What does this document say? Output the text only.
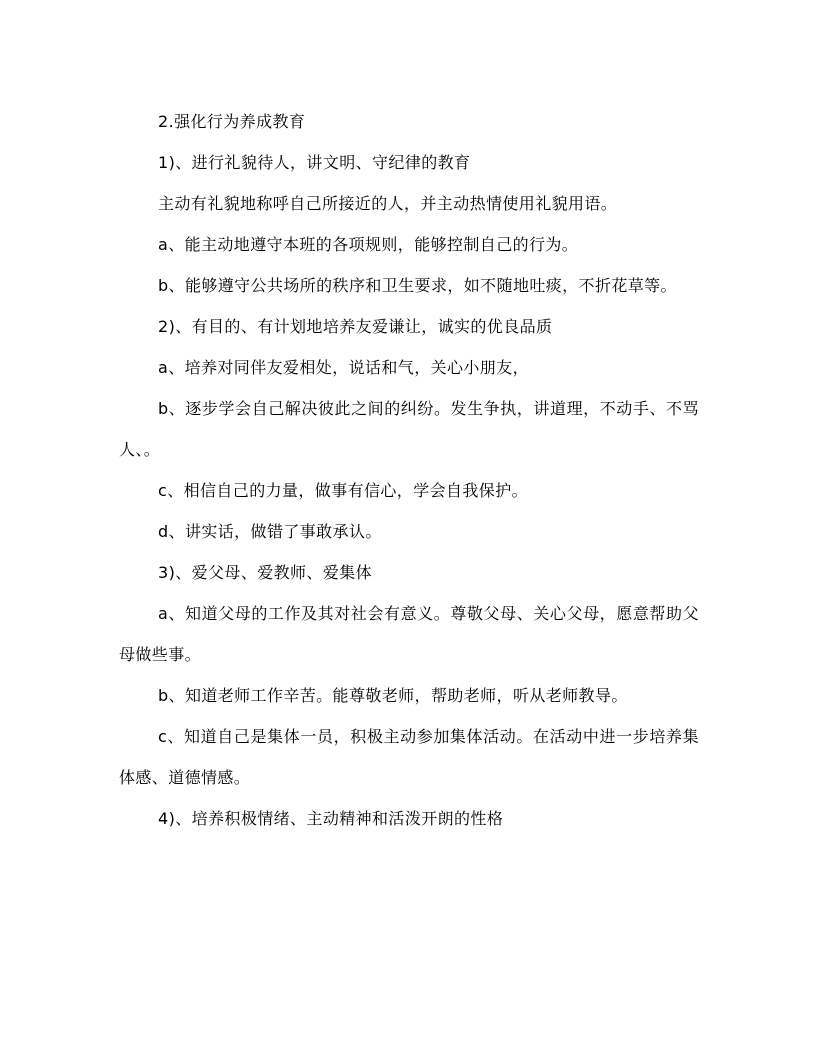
2.强化行为养成教育

1)、进行礼貌待人，讲文明、守纪律的教育

主动有礼貌地称呼自己所接近的人，并主动热情使用礼貌用语。

a、能主动地遵守本班的各项规则，能够控制自己的行为。

b、能够遵守公共场所的秩序和卫生要求，如不随地吐痰，不折花草等。

2)、有目的、有计划地培养友爱谦让，诚实的优良品质

a、培养对同伴友爱相处，说话和气，关心小朋友，

b、逐步学会自己解决彼此之间的纠纷。发生争执，讲道理，不动手、不骂人、。

c、相信自己的力量，做事有信心，学会自我保护。

d、讲实话，做错了事敢承认。

3)、爱父母、爱教师、爱集体

a、知道父母的工作及其对社会有意义。尊敬父母、关心父母，愿意帮助父母做些事。

b、知道老师工作辛苦。能尊敬老师，帮助老师，听从老师教导。

c、知道自己是集体一员，积极主动参加集体活动。在活动中进一步培养集体感、道德情感。

4)、培养积极情绪、主动精神和活泼开朗的性格
